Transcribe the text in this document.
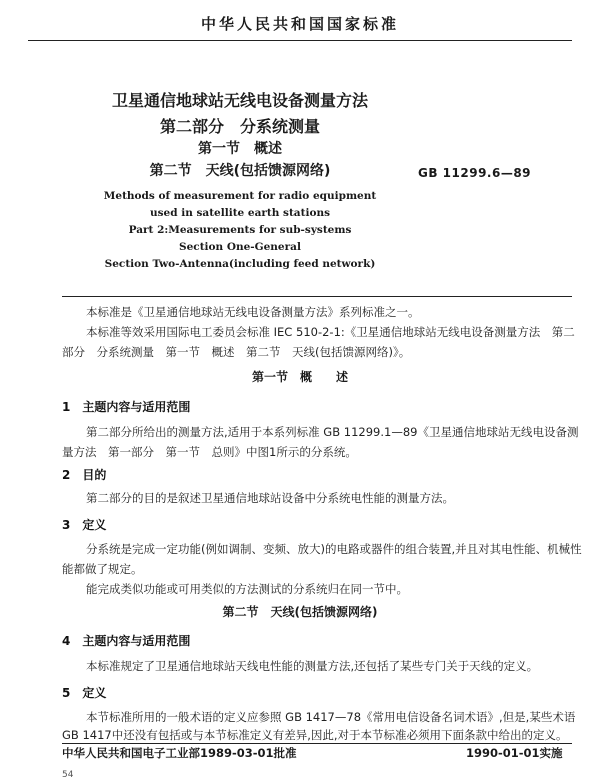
中华人民共和国国家标准
卫星通信地球站无线电设备测量方法
第二部分　分系统测量
第一节　概述
第二节　天线(包括馈源网络)	GB 11299.6—89
Methods of measurement for radio equipment
used in satellite earth stations
Part 2:Measurements for sub-systems
Section One-General
Section Two-Antenna(including feed network)
本标准是《卫星通信地球站无线电设备测量方法》系列标准之一。
本标准等效采用国际电工委员会标准 IEC 510-2-1:《卫星通信地球站无线电设备测量方法　第二
部分　分系统测量　第一节　概述　第二节　天线(包括馈源网络)》。
第一节　概　　述
1　主题内容与适用范围
第二部分所给出的测量方法,适用于本系列标准 GB 11299.1—89《卫星通信地球站无线电设备测
量方法　第一部分　第一节　总则》中图1所示的分系统。
2　目的
第二部分的目的是叙述卫星通信地球站设备中分系统电性能的测量方法。
3　定义
分系统是完成一定功能(例如调制、变频、放大)的电路或器件的组合装置,并且对其电性能、机械性
能都做了规定。
能完成类似功能或可用类似的方法测试的分系统归在同一节中。
第二节　天线(包括馈源网络)
4　主题内容与适用范围
本标准规定了卫星通信地球站天线电性能的测量方法,还包括了某些专门关于天线的定义。
5　定义
本节标准所用的一般术语的定义应参照 GB 1417—78《常用电信设备名词术语》,但是,某些术语
GB 1417中还没有包括或与本节标准定义有差异,因此,对于本节标准必须用下面条款中给出的定义。
中华人民共和国电子工业部1989-03-01批准	1990-01-01实施
54
